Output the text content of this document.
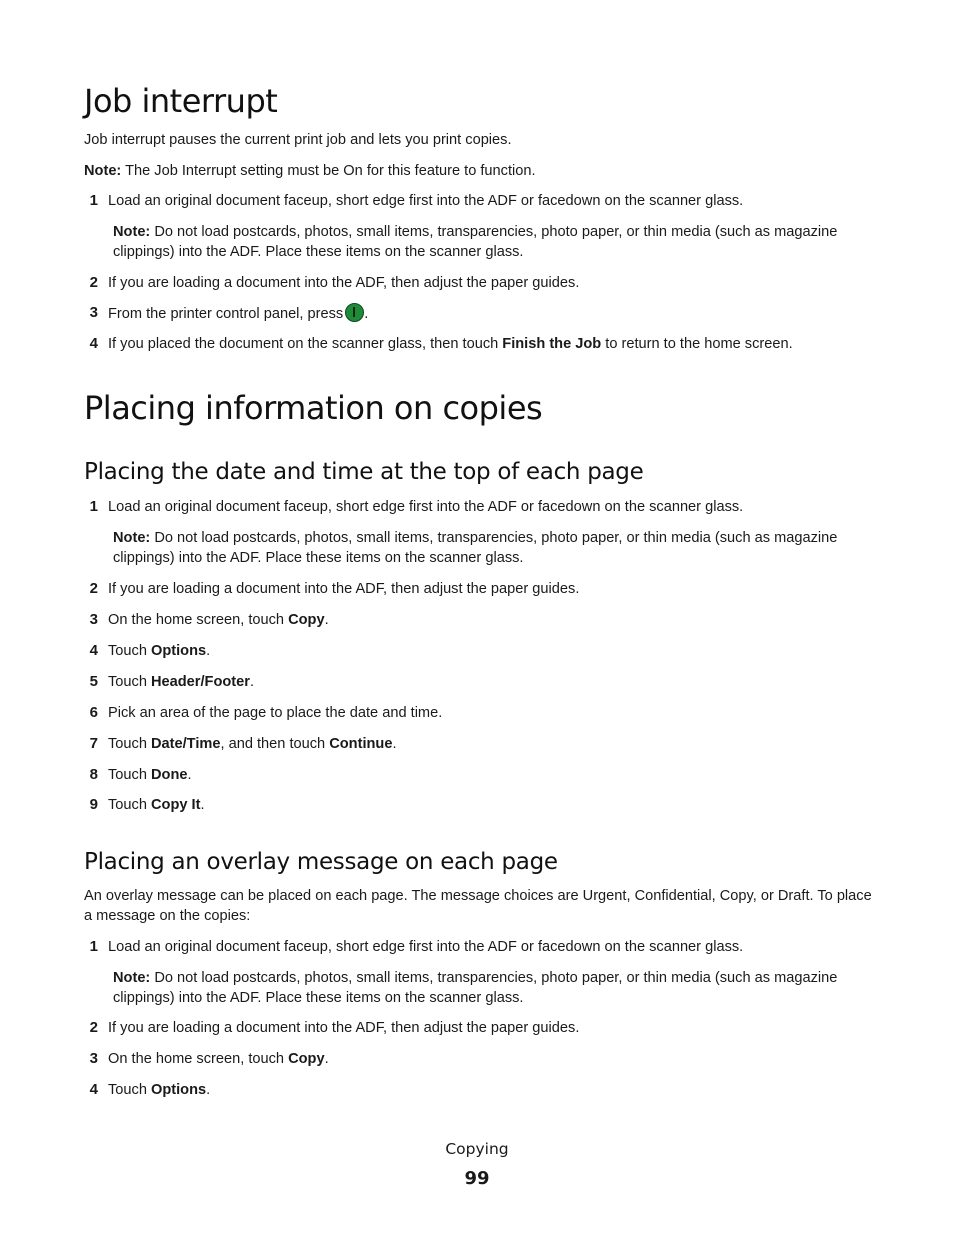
Job interrupt
Job interrupt pauses the current print job and lets you print copies.
Note: The Job Interrupt setting must be On for this feature to function.
1 Load an original document faceup, short edge first into the ADF or facedown on the scanner glass.
Note: Do not load postcards, photos, small items, transparencies, photo paper, or thin media (such as magazine clippings) into the ADF. Place these items on the scanner glass.
2 If you are loading a document into the ADF, then adjust the paper guides.
3 From the printer control panel, press .
4 If you placed the document on the scanner glass, then touch Finish the Job to return to the home screen.
Placing information on copies
Placing the date and time at the top of each page
1 Load an original document faceup, short edge first into the ADF or facedown on the scanner glass.
Note: Do not load postcards, photos, small items, transparencies, photo paper, or thin media (such as magazine clippings) into the ADF. Place these items on the scanner glass.
2 If you are loading a document into the ADF, then adjust the paper guides.
3 On the home screen, touch Copy.
4 Touch Options.
5 Touch Header/Footer.
6 Pick an area of the page to place the date and time.
7 Touch Date/Time, and then touch Continue.
8 Touch Done.
9 Touch Copy It.
Placing an overlay message on each page
An overlay message can be placed on each page. The message choices are Urgent, Confidential, Copy, or Draft. To place a message on the copies:
1 Load an original document faceup, short edge first into the ADF or facedown on the scanner glass.
Note: Do not load postcards, photos, small items, transparencies, photo paper, or thin media (such as magazine clippings) into the ADF. Place these items on the scanner glass.
2 If you are loading a document into the ADF, then adjust the paper guides.
3 On the home screen, touch Copy.
4 Touch Options.
Copying
99
